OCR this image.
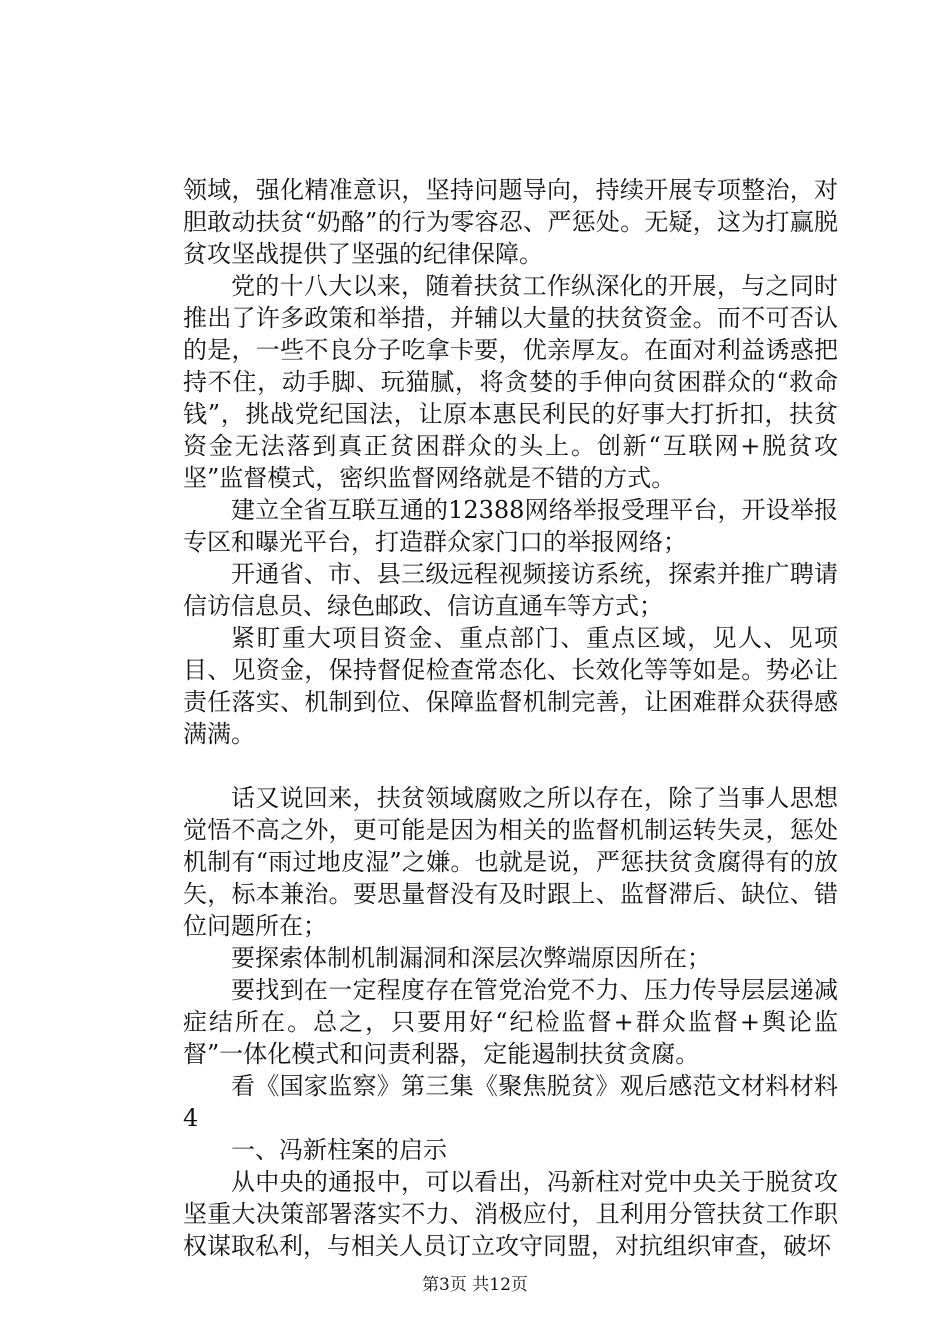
领域，强化精准意识，坚持问题导向，持续开展专项整治，对胆敢动扶贫“奶酪”的行为零容忍、严惩处。无疑，这为打赢脱贫攻坚战提供了坚强的纪律保障。

党的十八大以来，随着扶贫工作纵深化的开展，与之同时推出了许多政策和举措，并辅以大量的扶贫资金。而不可否认的是，一些不良分子吃拿卡要，优亲厚友。在面对利益诱惑把持不住，动手脚、玩猫腻，将贪婪的手伸向贫困群众的“救命钱”，挑战党纪国法，让原本惠民利民的好事大打折扣，扶贫资金无法落到真正贫困群众的头上。创新“互联网+脱贫攻坚”监督模式，密织监督网络就是不错的方式。

建立全省互联互通的12388网络举报受理平台，开设举报专区和曝光平台，打造群众家门口的举报网络；

开通省、市、县三级远程视频接访系统，探索并推广聘请信访信息员、绿色邮政、信访直通车等方式；

紧盯重大项目资金、重点部门、重点区域，见人、见项目、见资金，保持督促检查常态化、长效化等等如是。势必让责任落实、机制到位、保障监督机制完善，让困难群众获得感满满。

话又说回来，扶贫领域腐败之所以存在，除了当事人思想觉悟不高之外，更可能是因为相关的监督机制运转失灵，惩处机制有“雨过地皮湿”之嫌。也就是说，严惩扶贫贪腐得有的放矢，标本兼治。要思量督没有及时跟上、监督滞后、缺位、错位问题所在；

要探索体制机制漏洞和深层次弊端原因所在；

要找到在一定程度存在管党治党不力、压力传导层层递减症结所在。总之，只要用好“纪检监督+群众监督+舆论监督”一体化模式和问责利器，定能遏制扶贫贪腐。

看《国家监察》第三集《聚焦脱贫》观后感范文材料材料4

一、冯新柱案的启示

从中央的通报中，可以看出，冯新柱对党中央关于脱贫攻坚重大决策部署落实不力、消极应付，且利用分管扶贫工作职权谋取私利，与相关人员订立攻守同盟，对抗组织审查，破坏

第3页 共12页
